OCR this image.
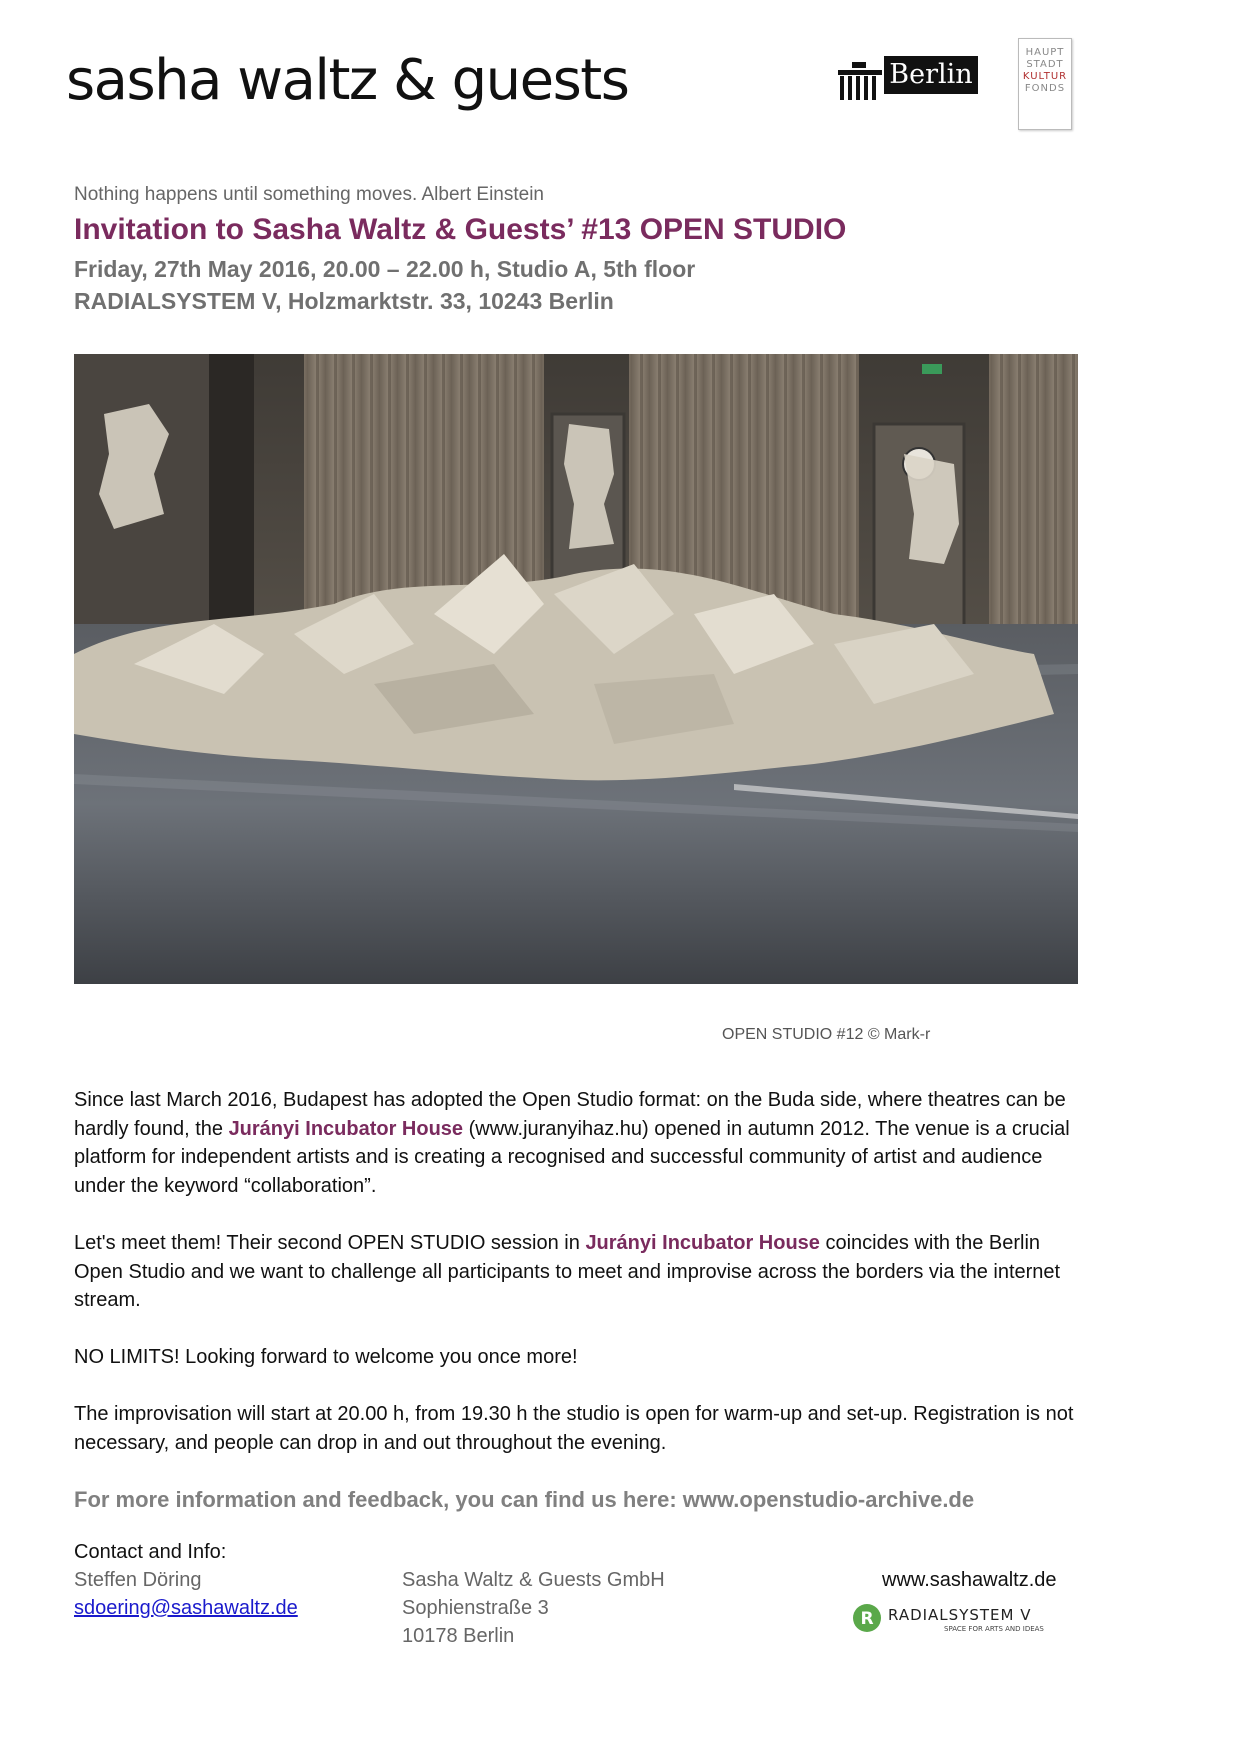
sasha waltz & guests	Berlin
HAUPT
STADT
KULTUR
FONDS
Nothing happens until something moves. Albert Einstein
Invitation to Sasha Waltz & Guests’ #13 OPEN STUDIO
Friday, 27th May 2016, 20.00 – 22.00 h, Studio A, 5th floor
RADIALSYSTEM V, Holzmarktstr. 33, 10243 Berlin
OPEN STUDIO #12 © Mark-r
Since last March 2016, Budapest has adopted the Open Studio format: on the Buda side, where theatres can be hardly found, the Jurányi Incubator House (www.juranyihaz.hu) opened in autumn 2012. The venue is a crucial platform for independent artists and is creating a recognised and successful community of artist and audience under the keyword “collaboration”.
Let's meet them! Their second OPEN STUDIO session in Jurányi Incubator House coincides with the Berlin Open Studio and we want to challenge all participants to meet and improvise across the borders via the internet stream.
NO LIMITS! Looking forward to welcome you once more!
The improvisation will start at 20.00 h, from 19.30 h the studio is open for warm-up and set-up. Registration is not necessary, and people can drop in and out throughout the evening.
For more information and feedback, you can find us here: www.openstudio-archive.de
Contact and Info:
Steffen Döring
sdoering@sashawaltz.de
Sasha Waltz & Guests GmbH
Sophienstraße 3
10178 Berlin
www.sashawaltz.de
R RADIALSYSTEM V
SPACE FOR ARTS AND IDEAS
